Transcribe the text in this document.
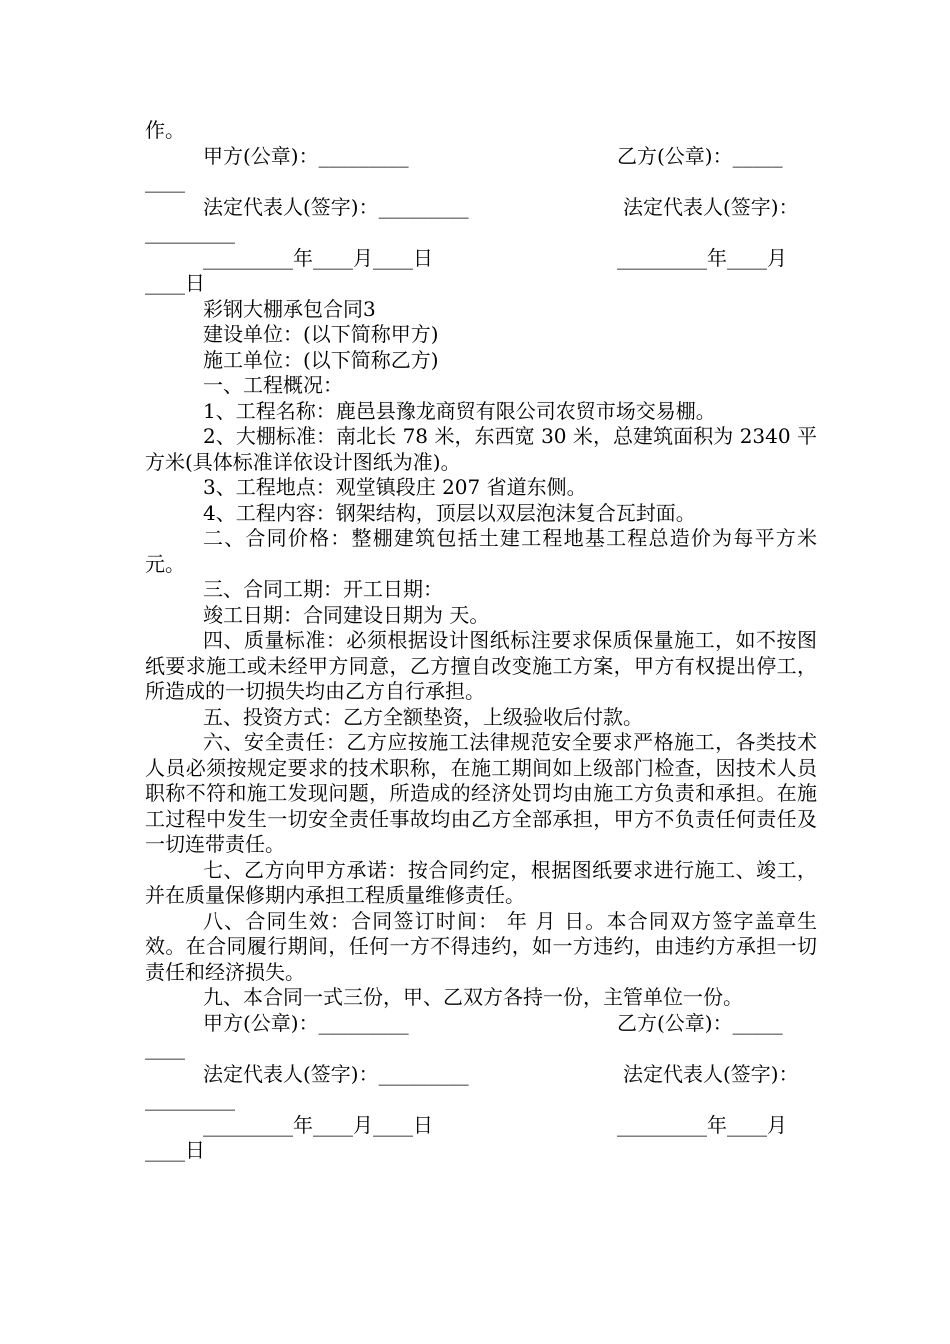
作。

甲方(公章)：_________

	乙方(公章)：_____

____

法定代表人(签字)：_________

	法定代表人(签字)：

_________

_________年____月____日

	_________年____月

____日
彩钢大棚承包合同3
建设单位：(以下简称甲方)
施工单位：(以下简称乙方)
一、工程概况：
1、工程名称：鹿邑县豫龙商贸有限公司农贸市场交易棚。
2、大棚标准：南北长 78 米，东西宽 30 米，总建筑面积为 2340 平方米(具体标准详依设计图纸为准)。
3、工程地点：观堂镇段庄 207 省道东侧。
4、工程内容：钢架结构，顶层以双层泡沫复合瓦封面。
二、合同价格：整棚建筑包括土建工程地基工程总造价为每平方米 元。
三、合同工期：开工日期：
竣工日期：合同建设日期为 天。
四、质量标准：必须根据设计图纸标注要求保质保量施工，如不按图纸要求施工或未经甲方同意，乙方擅自改变施工方案，甲方有权提出停工，所造成的一切损失均由乙方自行承担。
五、投资方式：乙方全额垫资，上级验收后付款。
六、安全责任：乙方应按施工法律规范安全要求严格施工，各类技术人员必须按规定要求的技术职称，在施工期间如上级部门检查，因技术人员职称不符和施工发现问题，所造成的经济处罚均由施工方负责和承担。在施工过程中发生一切安全责任事故均由乙方全部承担，甲方不负责任何责任及一切连带责任。
七、乙方向甲方承诺：按合同约定，根据图纸要求进行施工、竣工，并在质量保修期内承担工程质量维修责任。
八、合同生效：合同签订时间： 年 月 日。本合同双方签字盖章生效。在合同履行期间，任何一方不得违约，如一方违约，由违约方承担一切责任和经济损失。
九、本合同一式三份，甲、乙双方各持一份，主管单位一份。

甲方(公章)：_________

	乙方(公章)：_____

____

法定代表人(签字)：_________

	法定代表人(签字)：

_________

_________年____月____日

	_________年____月

____日
